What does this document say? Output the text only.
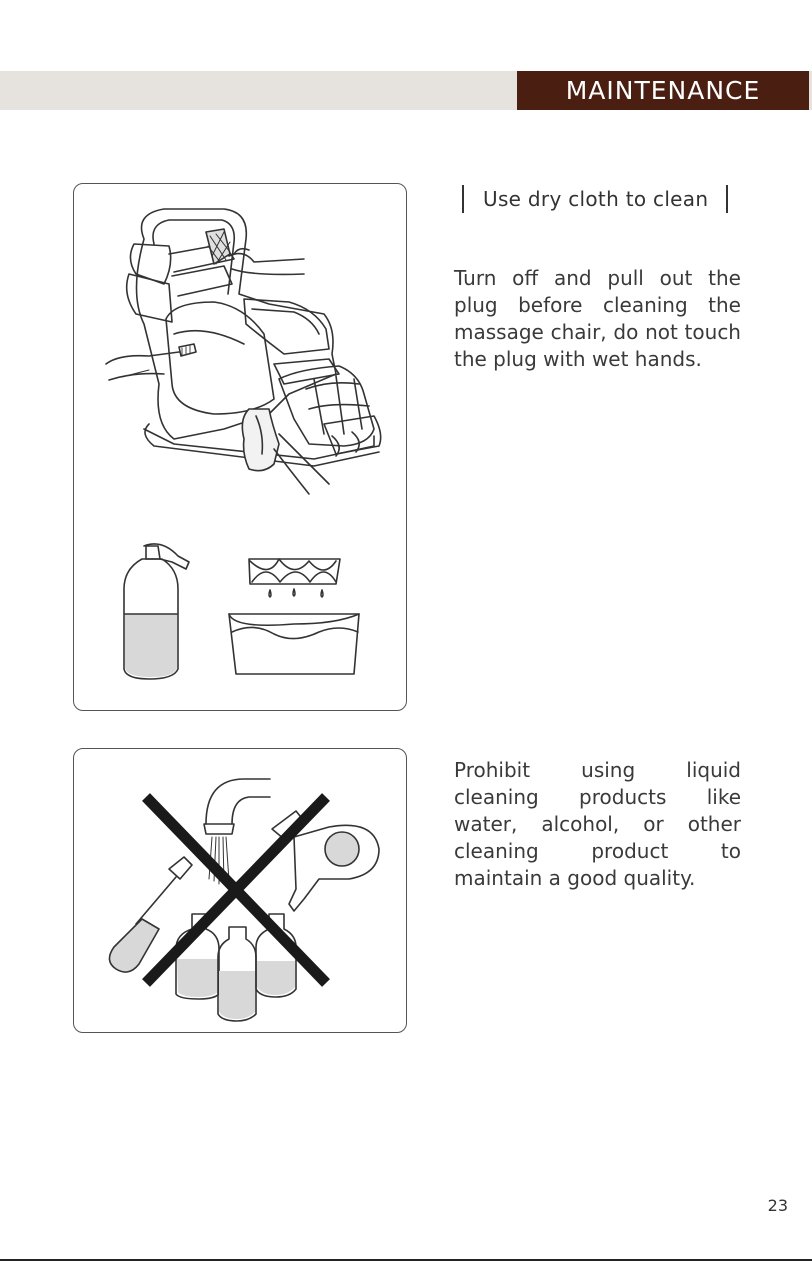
MAINTENANCE
Use dry cloth to clean
Turn off and pull out the plug before cleaning the massage chair, do not touch the plug with wet hands.
Prohibit using liquid cleaning products like water, alcohol, or other cleaning product to maintain a good quality.
23
